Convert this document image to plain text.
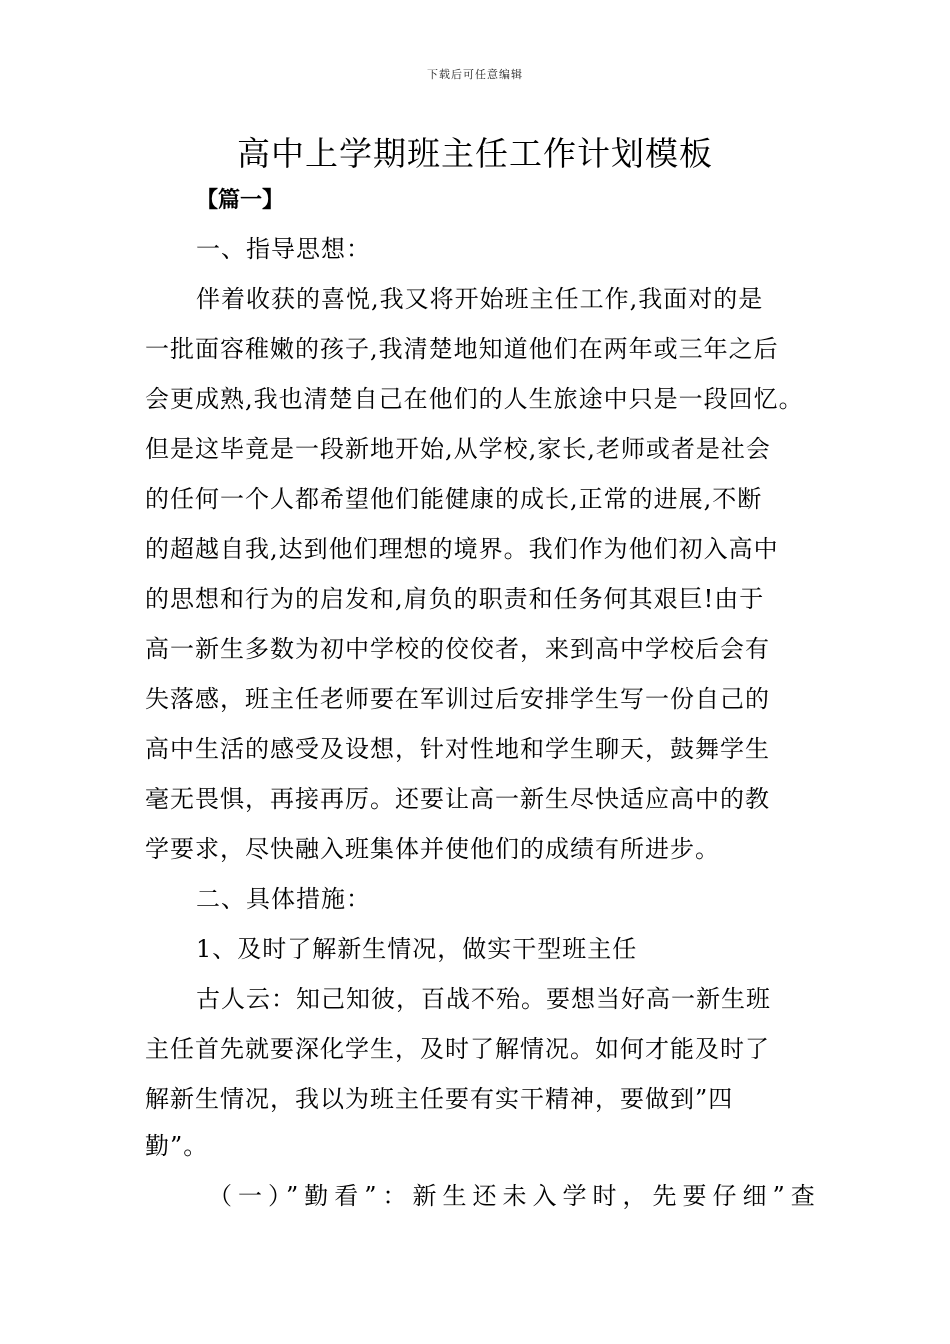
下载后可任意编辑
高中上学期班主任工作计划模板
【篇一】
一、指导思想：
伴着收获的喜悦,我又将开始班主任工作,我面对的是
一批面容稚嫩的孩子,我清楚地知道他们在两年或三年之后
会更成熟,我也清楚自己在他们的人生旅途中只是一段回忆。
但是这毕竟是一段新地开始,从学校,家长,老师或者是社会
的任何一个人都希望他们能健康的成长,正常的进展,不断
的超越自我,达到他们理想的境界。我们作为他们初入高中
的思想和行为的启发和,肩负的职责和任务何其艰巨!由于
高一新生多数为初中学校的佼佼者，来到高中学校后会有
失落感，班主任老师要在军训过后安排学生写一份自己的
高中生活的感受及设想，针对性地和学生聊天，鼓舞学生
毫无畏惧，再接再厉。还要让高一新生尽快适应高中的教
学要求，尽快融入班集体并使他们的成绩有所进步。
二、具体措施：
1、及时了解新生情况，做实干型班主任
古人云：知己知彼，百战不殆。要想当好高一新生班
主任首先就要深化学生，及时了解情况。如何才能及时了
解新生情况，我以为班主任要有实干精神，要做到”四
勤”。
（一）”勤看”：新生还未入学时，先要仔细”查
